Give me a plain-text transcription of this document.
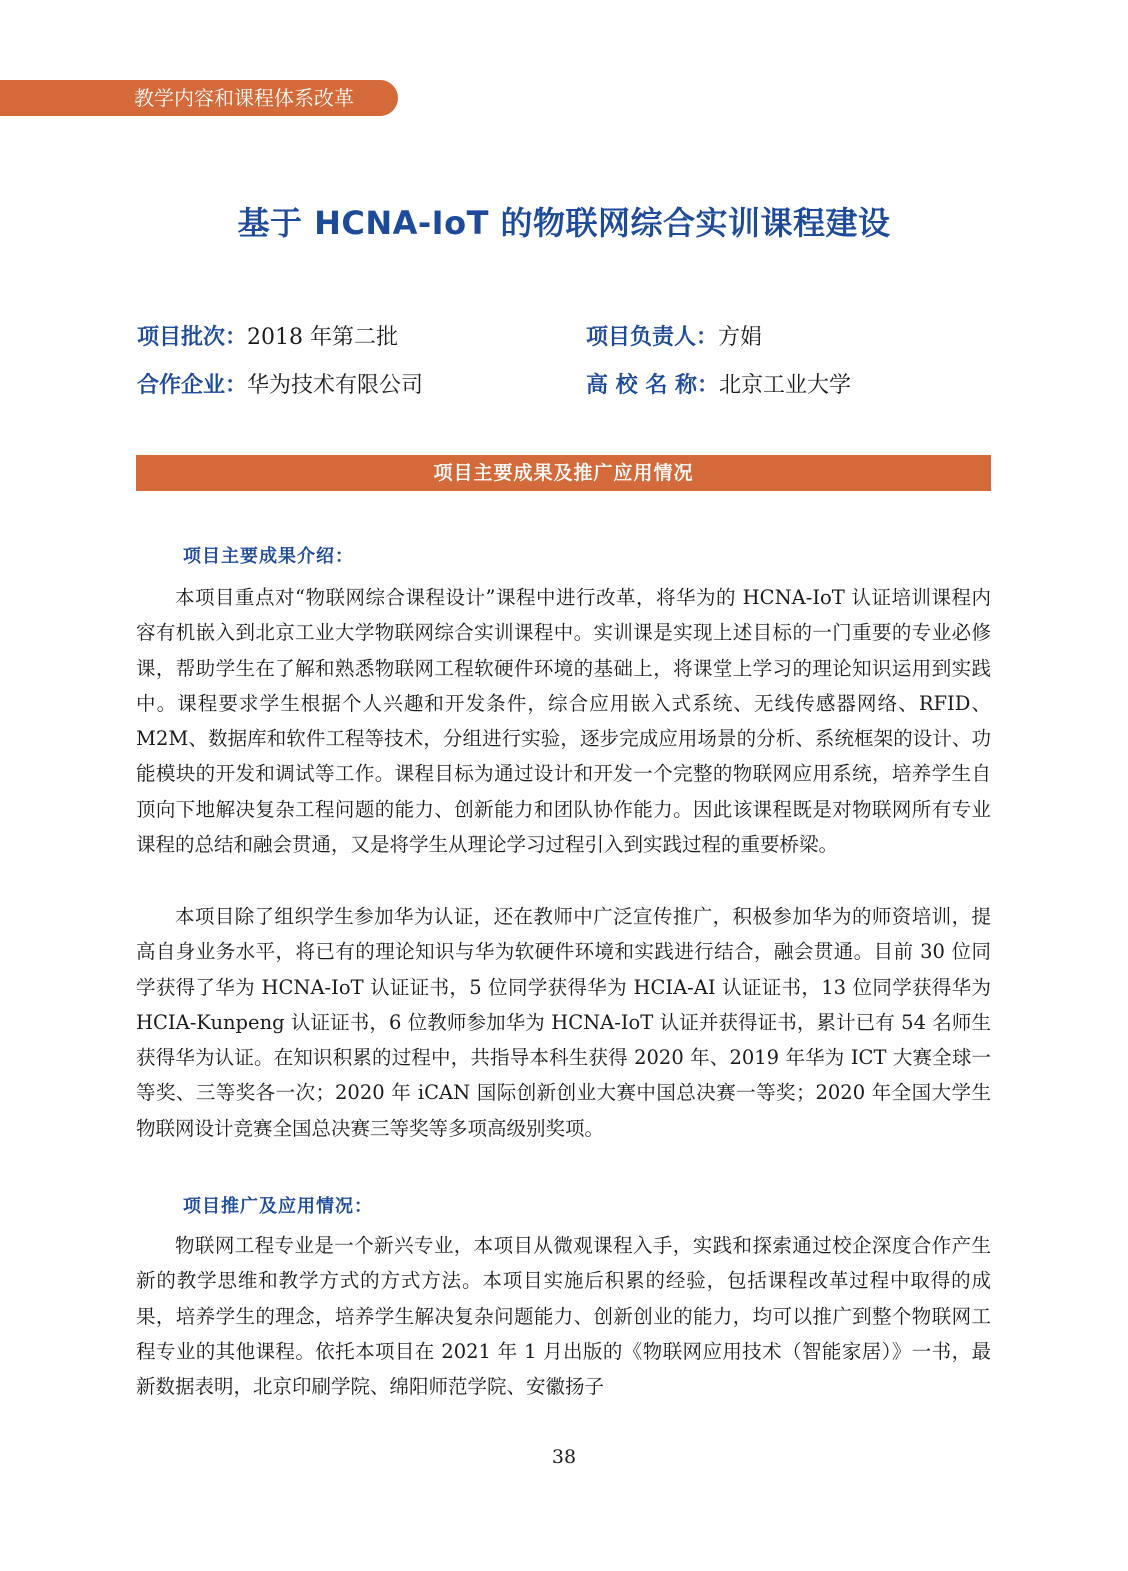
教学内容和课程体系改革
基于 HCNA-IoT 的物联网综合实训课程建设
项目批次：2018 年第二批	项目负责人：方娟
合作企业：华为技术有限公司	高 校 名 称：北京工业大学
项目主要成果及推广应用情况
项目主要成果介绍：

本项目重点对“物联网综合课程设计”课程中进行改革，将华为的 HCNA-IoT 认证培训课程内容有机嵌入到北京工业大学物联网综合实训课程中。实训课是实现上述目标的一门重要的专业必修课，帮助学生在了解和熟悉物联网工程软硬件环境的基础上，将课堂上学习的理论知识运用到实践中。课程要求学生根据个人兴趣和开发条件，综合应用嵌入式系统、无线传感器网络、RFID、M2M、数据库和软件工程等技术，分组进行实验，逐步完成应用场景的分析、系统框架的设计、功能模块的开发和调试等工作。课程目标为通过设计和开发一个完整的物联网应用系统，培养学生自顶向下地解决复杂工程问题的能力、创新能力和团队协作能力。因此该课程既是对物联网所有专业课程的总结和融会贯通，又是将学生从理论学习过程引入到实践过程的重要桥梁。

本项目除了组织学生参加华为认证，还在教师中广泛宣传推广，积极参加华为的师资培训，提高自身业务水平，将已有的理论知识与华为软硬件环境和实践进行结合，融会贯通。目前 30 位同学获得了华为 HCNA-IoT 认证证书，5 位同学获得华为 HCIA-AI 认证证书，13 位同学获得华为 HCIA-Kunpeng 认证证书，6 位教师参加华为 HCNA-IoT 认证并获得证书，累计已有 54 名师生获得华为认证。在知识积累的过程中，共指导本科生获得 2020 年、2019 年华为 ICT 大赛全球一等奖、三等奖各一次；2020 年 iCAN 国际创新创业大赛中国总决赛一等奖；2020 年全国大学生物联网设计竞赛全国总决赛三等奖等多项高级别奖项。

项目推广及应用情况：

物联网工程专业是一个新兴专业，本项目从微观课程入手，实践和探索通过校企深度合作产生新的教学思维和教学方式的方式方法。本项目实施后积累的经验，包括课程改革过程中取得的成果，培养学生的理念，培养学生解决复杂问题能力、创新创业的能力，均可以推广到整个物联网工程专业的其他课程。依托本项目在 2021 年 1 月出版的《物联网应用技术（智能家居）》一书，最新数据表明，北京印刷学院、绵阳师范学院、安徽扬子

38
